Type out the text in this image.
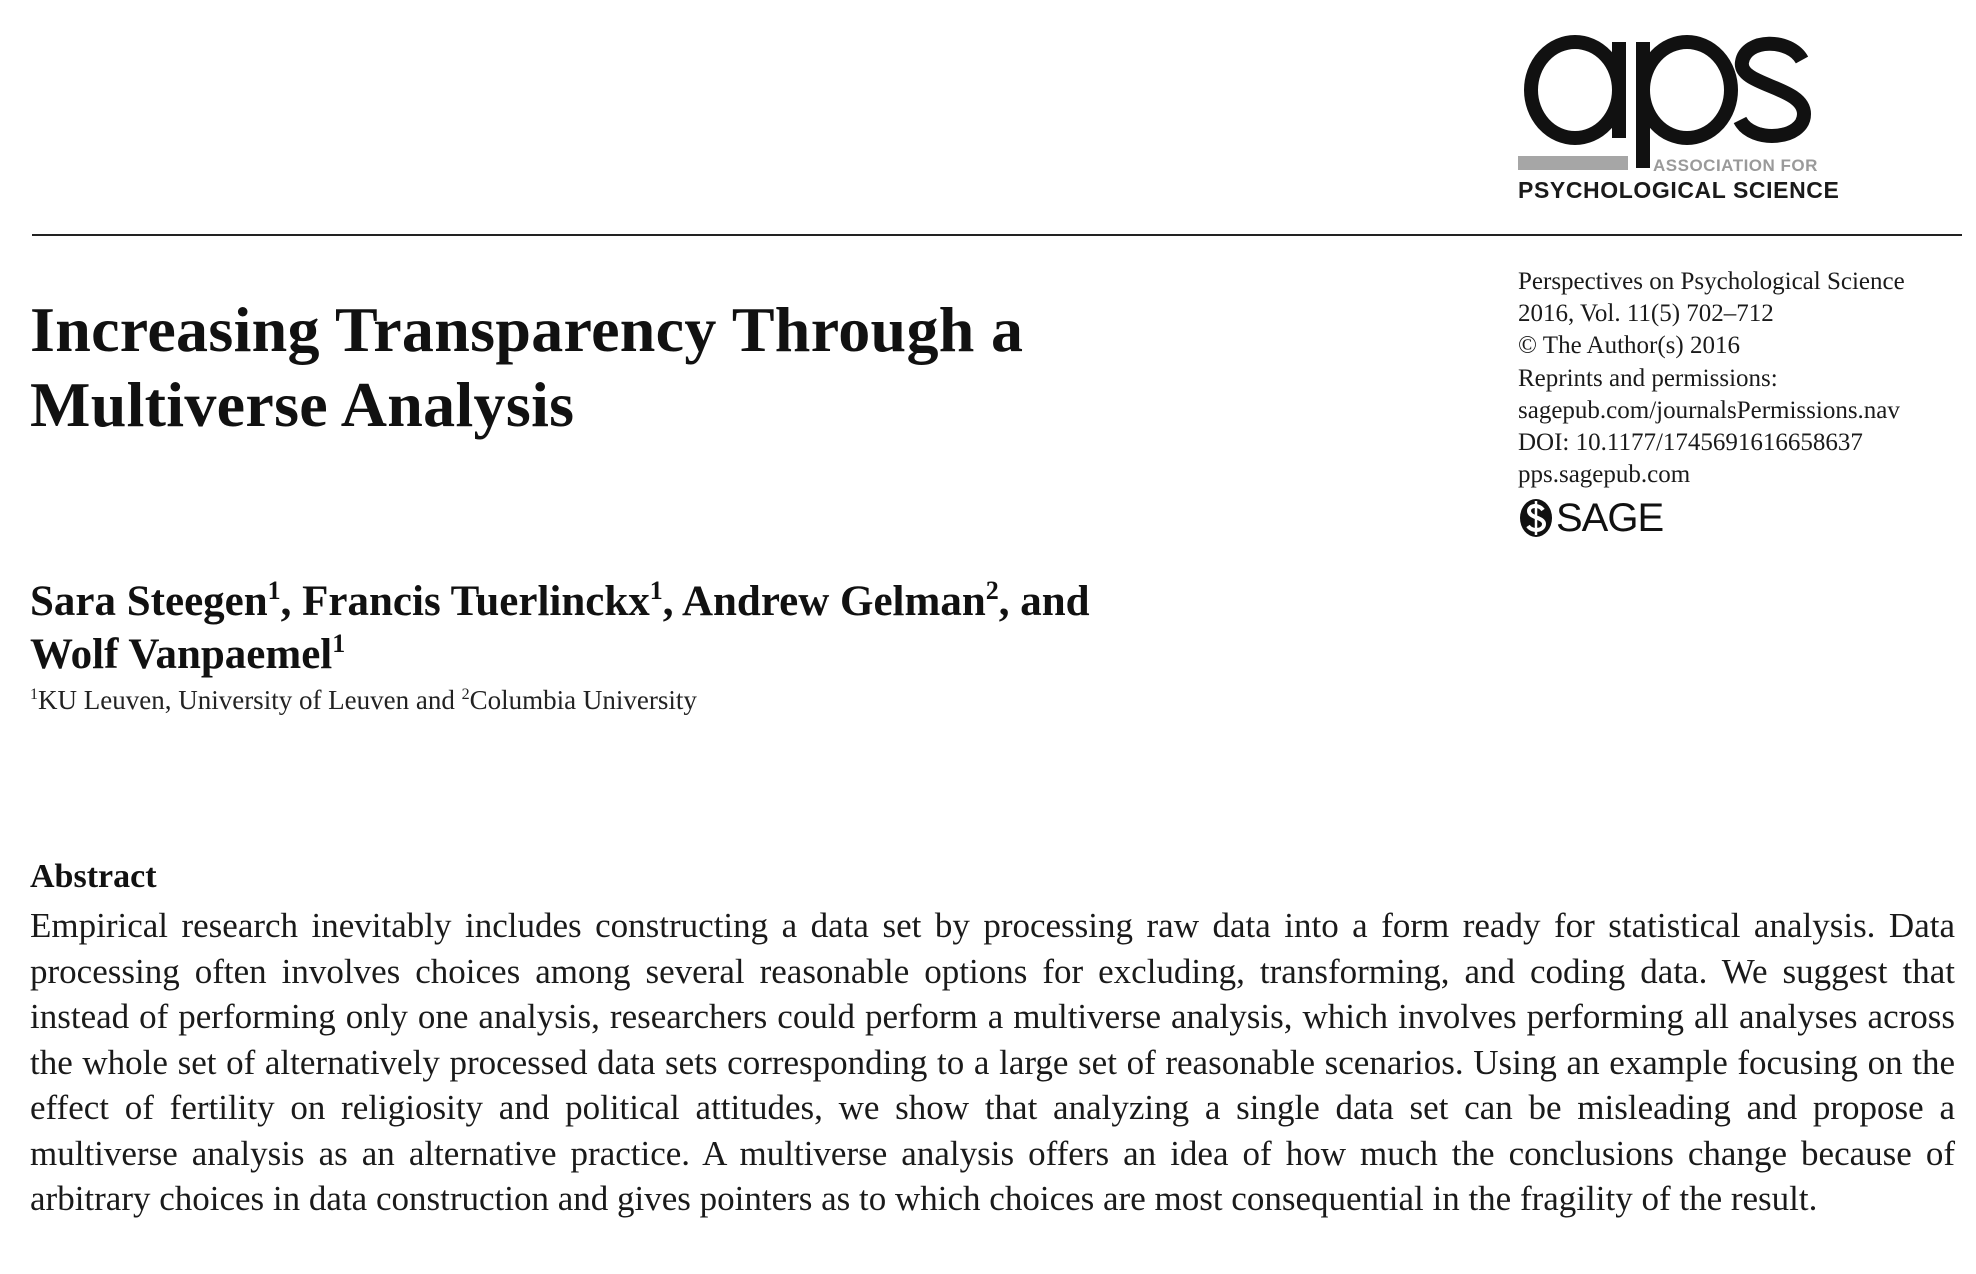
ASSOCIATION FOR
PSYCHOLOGICAL SCIENCE
Perspectives on Psychological Science
2016, Vol. 11(5) 702–712
© The Author(s) 2016
Reprints and permissions:
sagepub.com/journalsPermissions.nav
DOI: 10.1177/1745691616658637
pps.sagepub.com
SAGE
Increasing Transparency Through a
Multiverse Analysis
Sara Steegen$^1$, Francis Tuerlinckx$^1$, Andrew Gelman$^2$, and
Wolf Vanpaemel$^1$
$^1$KU Leuven, University of Leuven and $^2$Columbia University
Abstract

Empirical research inevitably includes constructing a data set by processing raw data into a form ready for statistical analysis. Data processing often involves choices among several reasonable options for excluding, transforming, and coding data. We suggest that instead of performing only one analysis, researchers could perform a multiverse analysis, which involves performing all analyses across the whole set of alternatively processed data sets corresponding to a large set of reasonable scenarios. Using an example focusing on the effect of fertility on religiosity and political attitudes, we show that analyzing a single data set can be misleading and propose a multiverse analysis as an alternative practice. A multiverse analysis offers an idea of how much the conclusions change because of arbitrary choices in data construction and gives pointers as to which choices are most consequential in the fragility of the result.
